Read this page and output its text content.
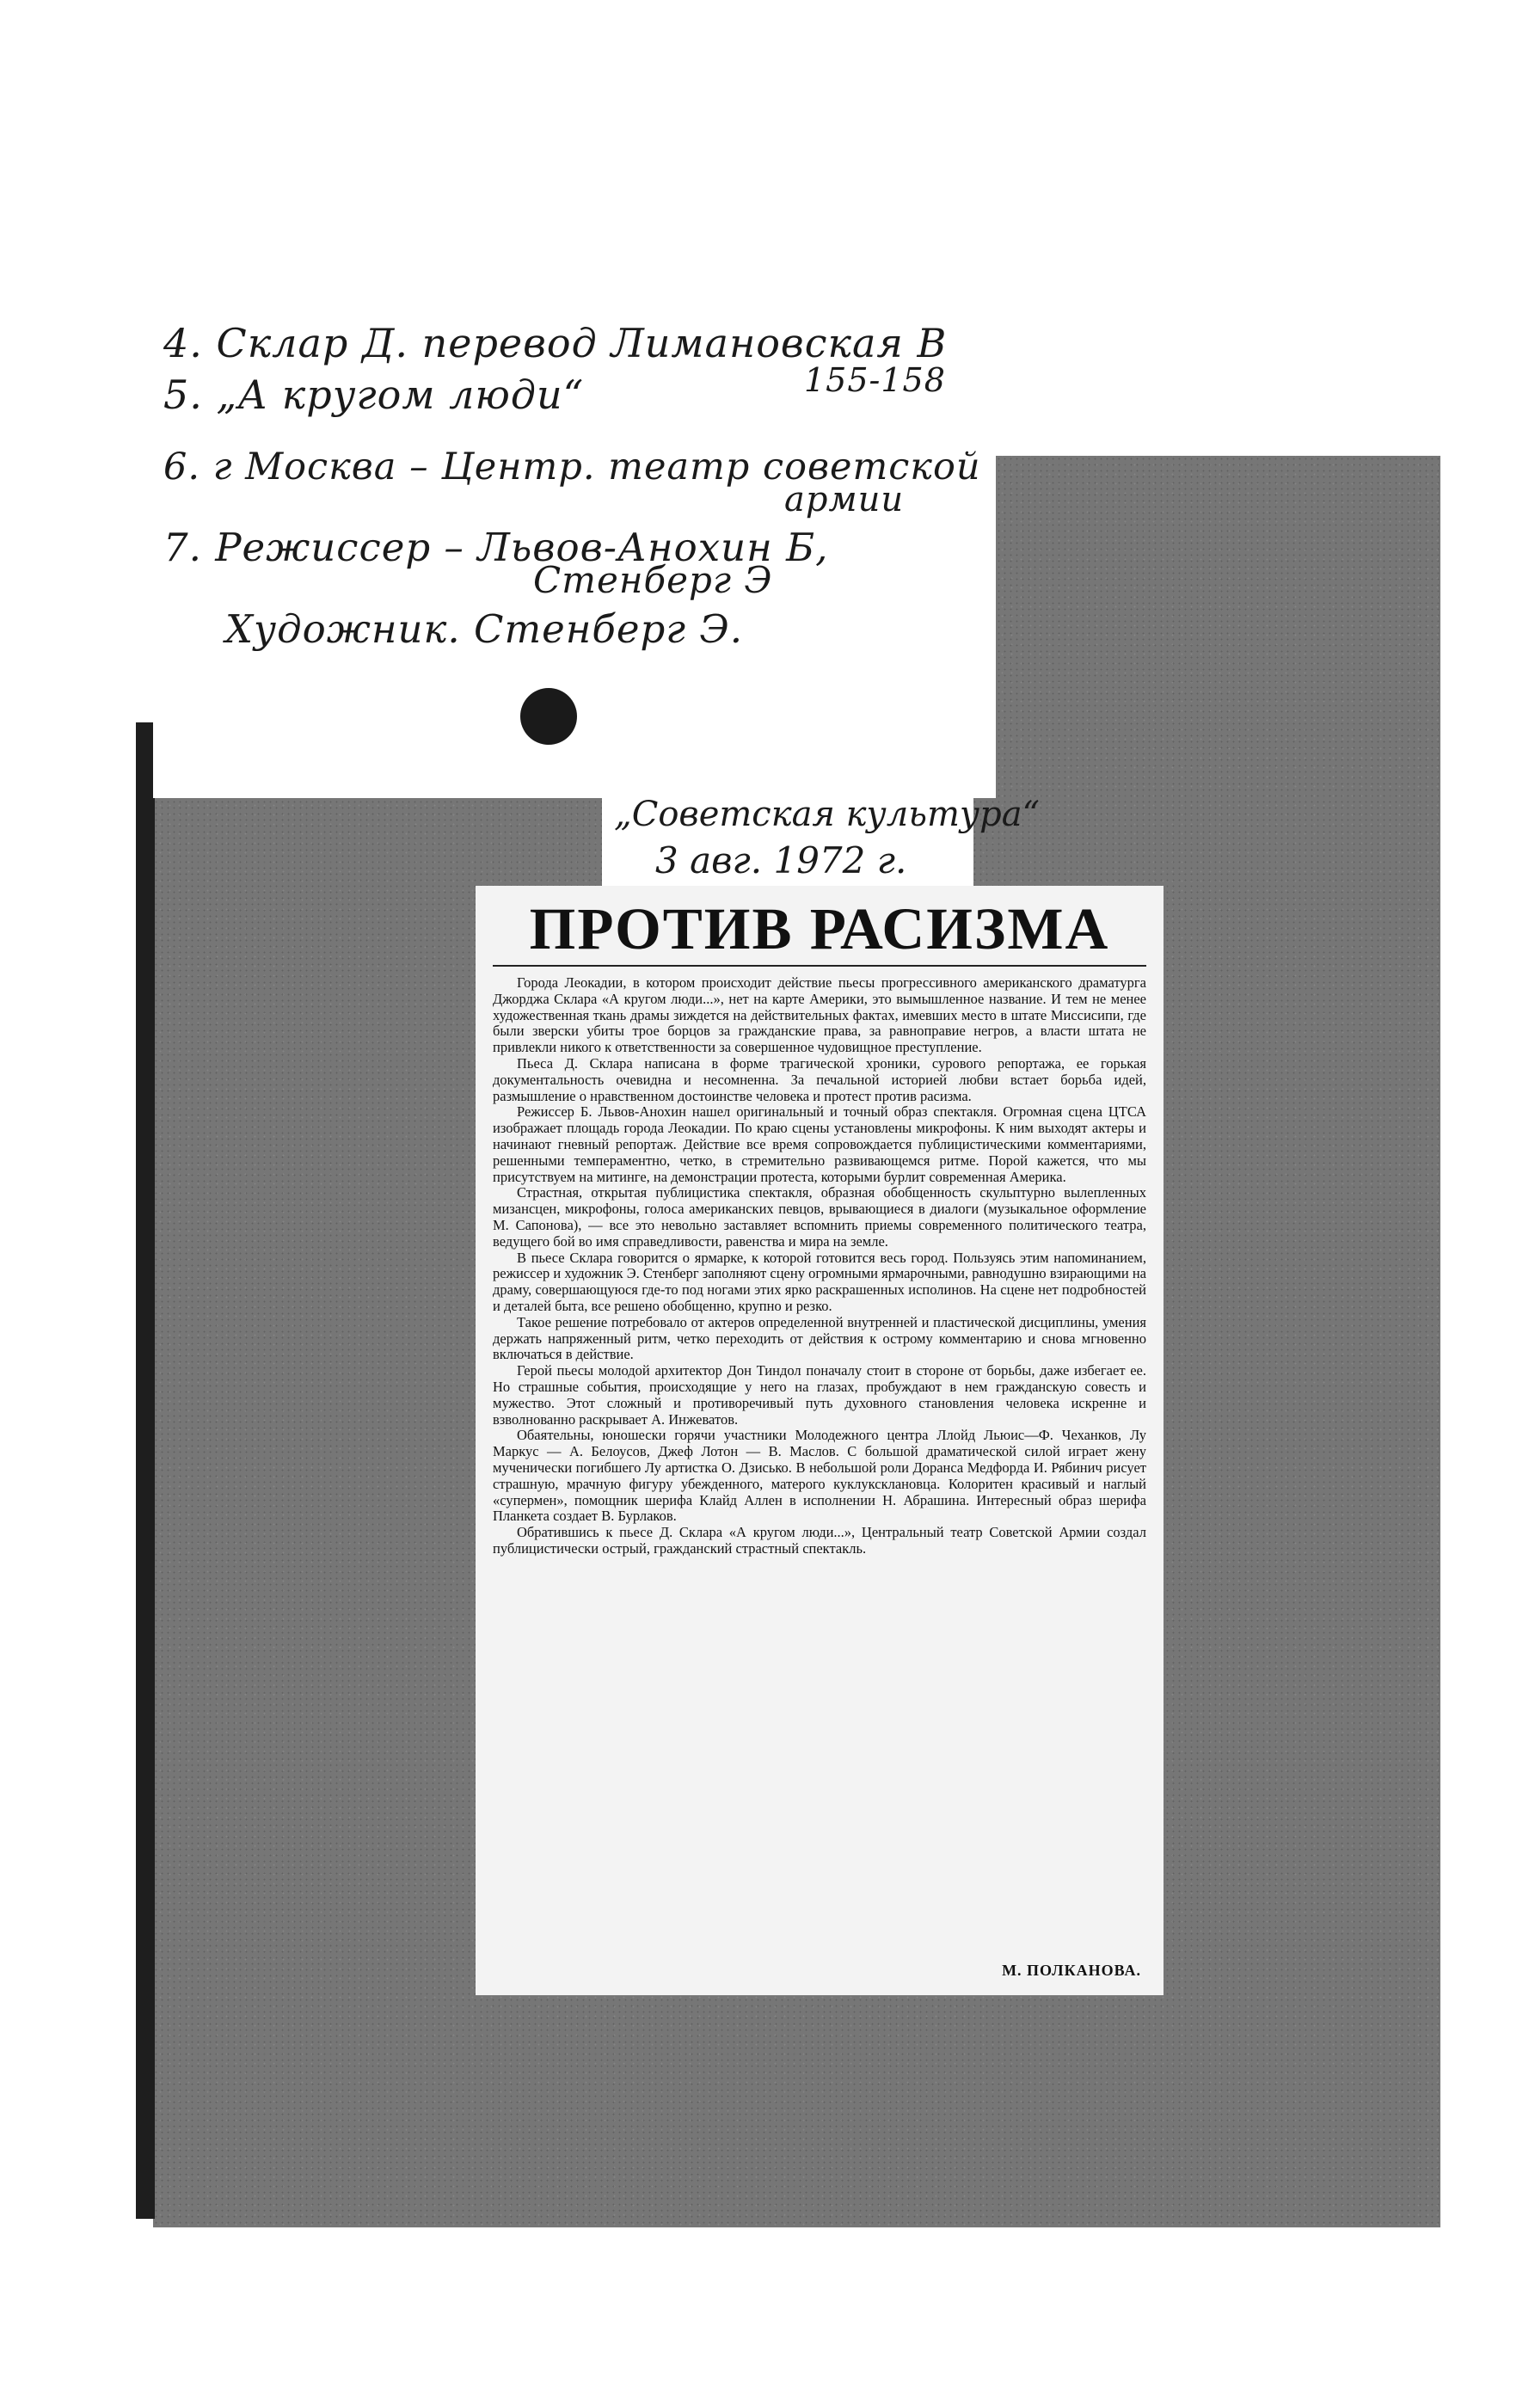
4. Склар Д. перевод Лимановская В
5. „А кругом люди“	155-158
6. г Москва – Центр. театр советской
армии
7. Режиссер – Львов-Анохин Б,
Стенберг Э
Художник. Стенберг Э.
„Советская культура“
3 авг. 1972 г.
ПРОТИВ РАСИЗМА

Города Леокадии, в котором происходит действие пьесы прогрессивного американского драматурга Джорджа Склара «А кругом люди...», нет на карте Америки, это вымышленное название. И тем не менее художественная ткань драмы зиждется на действительных фактах, имевших место в штате Миссисипи, где были зверски убиты трое борцов за гражданские права, за равноправие негров, а власти штата не привлекли никого к ответственности за совершенное чудовищное преступление.

Пьеса Д. Склара написана в форме трагической хроники, сурового репортажа, ее горькая документальность очевидна и несомненна. За печальной историей любви встает борьба идей, размышление о нравственном достоинстве человека и протест против расизма.

Режиссер Б. Львов-Анохин нашел оригинальный и точный образ спектакля. Огромная сцена ЦТСА изображает площадь города Леокадии. По краю сцены установлены микрофоны. К ним выходят актеры и начинают гневный репортаж. Действие все время сопровождается публицистическими комментариями, решенными темпераментно, четко, в стремительно развивающемся ритме. Порой кажется, что мы присутствуем на митинге, на демонстрации протеста, которыми бурлит современная Америка.

Страстная, открытая публицистика спектакля, образная обобщенность скульптурно вылепленных мизансцен, микрофоны, голоса американских певцов, врывающиеся в диалоги (музыкальное оформление М. Сапонова), — все это невольно заставляет вспомнить приемы современного политического театра, ведущего бой во имя справедливости, равенства и мира на земле.

В пьесе Склара говорится о ярмарке, к которой готовится весь город. Пользуясь этим напоминанием, режиссер и художник Э. Стенберг заполняют сцену огромными ярмарочными, равнодушно взирающими на драму, совершающуюся где-то под ногами этих ярко раскрашенных исполинов. На сцене нет подробностей и деталей быта, все решено обобщенно, крупно и резко.

Такое решение потребовало от актеров определенной внутренней и пластической дисциплины, умения держать напряженный ритм, четко переходить от действия к острому комментарию и снова мгновенно включаться в действие.

Герой пьесы молодой архитектор Дон Тиндол поначалу стоит в стороне от борьбы, даже избегает ее. Но страшные события, происходящие у него на глазах, пробуждают в нем гражданскую совесть и мужество. Этот сложный и противоречивый путь духовного становления человека искренне и взволнованно раскрывает А. Инжеватов.

Обаятельны, юношески горячи участники Молодежного центра Ллойд Льюис—Ф. Чеханков, Лу Маркус — А. Белоусов, Джеф Лотон — В. Маслов. С большой драматической силой играет жену мученически погибшего Лу артистка О. Дзисько. В небольшой роли Доранса Медфорда И. Рябинич рисует страшную, мрачную фигуру убежденного, матерого куклуксклановца. Колоритен красивый и наглый «супермен», помощник шерифа Клайд Аллен в исполнении Н. Абрашина. Интересный образ шерифа Планкета создает В. Бурлаков.

Обратившись к пьесе Д. Склара «А кругом люди...», Центральный театр Советской Армии создал публицистически острый, гражданский страстный спектакль.

М. ПОЛКАНОВА.
